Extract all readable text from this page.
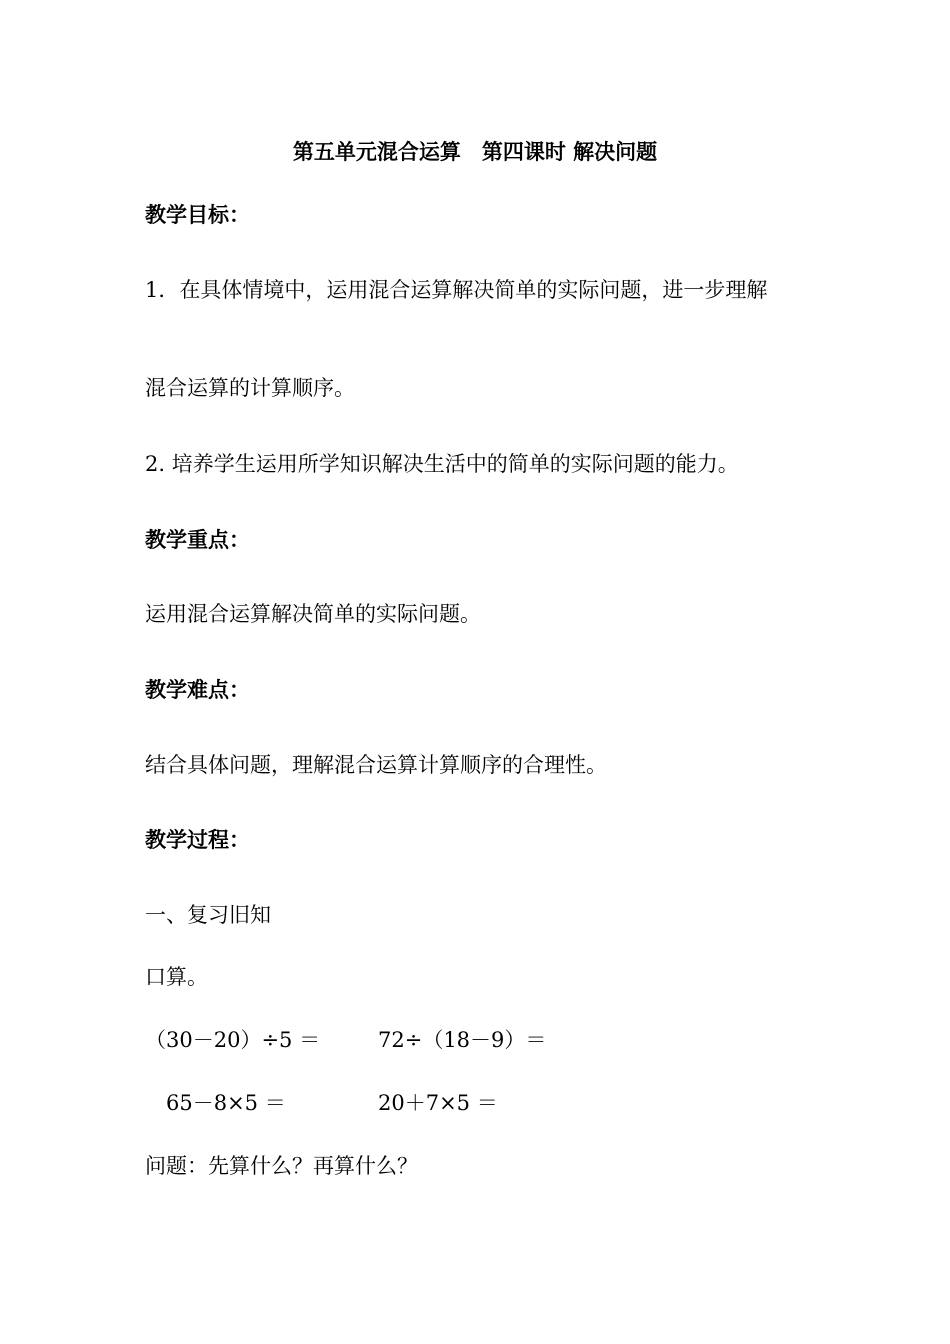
第五单元混合运算　第四课时 解决问题
教学目标：
1．在具体情境中，运用混合运算解决简单的实际问题，进一步理解
混合运算的计算顺序。
2. 培养学生运用所学知识解决生活中的简单的实际问题的能力。
教学重点：
运用混合运算解决简单的实际问题。
教学难点：
结合具体问题，理解混合运算计算顺序的合理性。
教学过程：
一、复习旧知
口算。
（30－20）÷5 ＝	72÷（18－9）＝
65－8×5 ＝	20＋7×5 ＝
问题：先算什么？再算什么？
